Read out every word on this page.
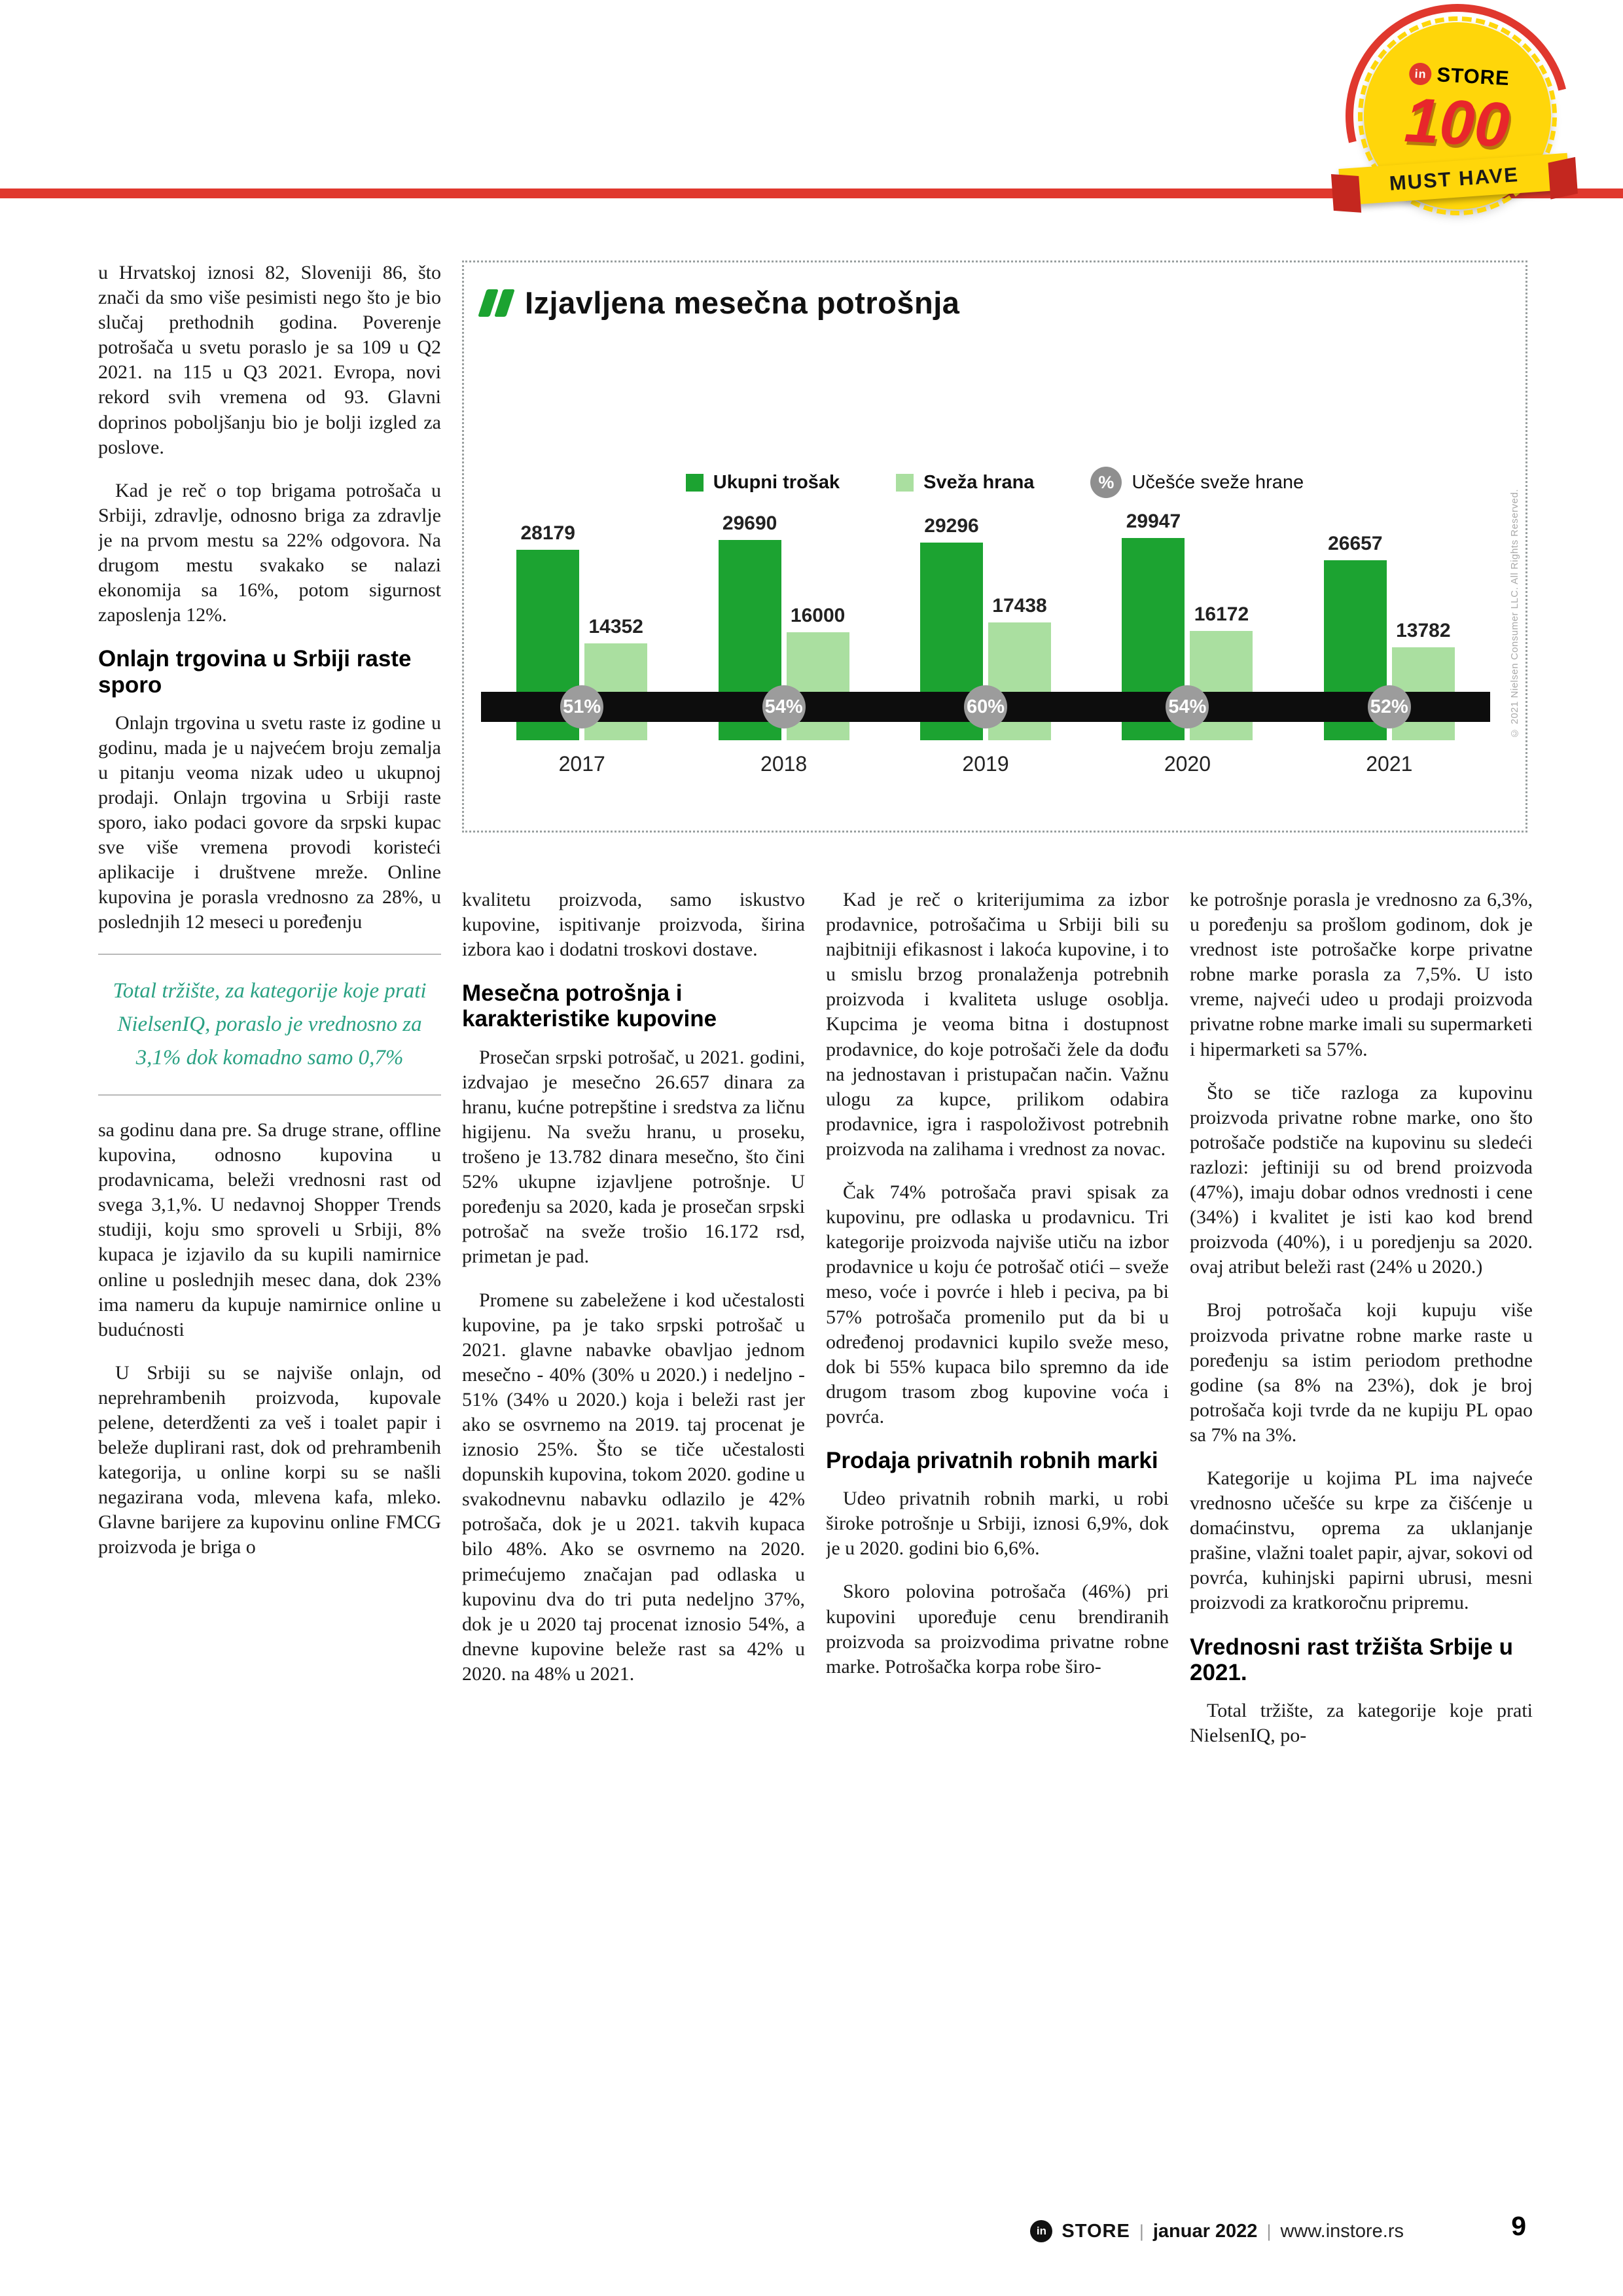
in STORE
100
MUST HAVE
Izjavljena mesečna potrošnja
Ukupni trošak	Sveža hrana	% Učešće sveže hrane
28179
14352
51%
29690
16000
54%
29296
17438
60%
29947
16172
54%
26657
13782
52%
2017	2018	2019	2020	2021
© 2021 Nielsen Consumer LLC. All Rights Reserved.

u Hrvatskoj iznosi 82, Sloveniji 86, što znači da smo više pesimisti nego što je bio slučaj prethodnih godina. Poverenje potrošača u svetu poraslo je sa 109 u Q2 2021. na 115 u Q3 2021. Evropa, novi rekord svih vremena od 93. Glavni doprinos poboljšanju bio je bolji izgled za poslove.

Kad je reč o top brigama potrošača u Srbiji, zdravlje, odnosno briga za zdravlje je na prvom mestu sa 22% odgovora. Na drugom mestu svakako se nalazi ekonomija sa 16%, potom sigurnost zaposlenja 12%.

Onlajn trgovina u Srbiji raste sporo

Onlajn trgovina u svetu raste iz godine u godinu, mada je u najvećem broju zemalja u pitanju veoma nizak udeo u ukupnoj prodaji. Onlajn trgovina u Srbiji raste sporo, iako podaci govore da srpski kupac sve više vremena provodi koristeći aplikacije i društvene mreže. Online kupovina je porasla vrednosno za 28%, u poslednjih 12 meseci u poređenju

Total tržište, za kategorije koje prati NielsenIQ, poraslo je vrednosno za 3,1% dok komadno samo 0,7%

sa godinu dana pre. Sa druge strane, offline kupovina, odnosno kupovina u prodavnicama, beleži vrednosni rast od svega 3,1,%. U nedavnoj Shopper Trends studiji, koju smo sproveli u Srbiji, 8% kupaca je izjavilo da su kupili namirnice online u poslednjih mesec dana, dok 23% ima nameru da kupuje namirnice online u budućnosti

U Srbiji su se najviše onlajn, od neprehrambenih proizvoda, kupovale pelene, deterdženti za veš i toalet papir i beleže duplirani rast, dok od prehrambenih kategorija, u online korpi su se našli negazirana voda, mlevena kafa, mleko. Glavne barijere za kupovinu online FMCG proizvoda je briga o

kvalitetu proizvoda, samo iskustvo kupovine, ispitivanje proizvoda, širina izbora kao i dodatni troskovi dostave.

Mesečna potrošnja i karakteristike kupovine

Prosečan srpski potrošač, u 2021. godini, izdvajao je mesečno 26.657 dinara za hranu, kućne potrepštine i sredstva za ličnu higijenu. Na svežu hranu, u proseku, trošeno je 13.782 dinara mesečno, što čini 52% ukupne izjavljene potrošnje. U poređenju sa 2020, kada je prosečan srpski potrošač na sveže trošio 16.172 rsd, primetan je pad.

Promene su zabeležene i kod učestalosti kupovine, pa je tako srpski potrošač u 2021. glavne nabavke obavljao jednom mesečno - 40% (30% u 2020.) i nedeljno - 51% (34% u 2020.) koja i beleži rast jer ako se osvrnemo na 2019. taj procenat je iznosio 25%. Što se tiče učestalosti dopunskih kupovina, tokom 2020. godine u svakodnevnu nabavku odlazilo je 42% potrošača, dok je u 2021. takvih kupaca bilo 48%. Ako se osvrnemo na 2020. primećujemo značajan pad odlaska u kupovinu dva do tri puta nedeljno 37%, dok je u 2020 taj procenat iznosio 54%, a dnevne kupovine beleže rast sa 42% u 2020. na 48% u 2021.

Kad je reč o kriterijumima za izbor prodavnice, potrošačima u Srbiji bili su najbitniji efikasnost i lakoća kupovine, i to u smislu brzog pronalaženja potrebnih proizvoda i kvaliteta usluge osoblja. Kupcima je veoma bitna i dostupnost prodavnice, do koje potrošači žele da dođu na jednostavan i pristupačan način. Važnu ulogu za kupce, prilikom odabira prodavnice, igra i raspoloživost potrebnih proizvoda na zalihama i vrednost za novac.

Čak 74% potrošača pravi spisak za kupovinu, pre odlaska u prodavnicu. Tri kategorije proizvoda najviše utiču na izbor prodavnice u koju će potrošač otići – sveže meso, voće i povrće i hleb i peciva, pa bi 57% potrošača promenilo put da bi u određenoj prodavnici kupilo sveže meso, dok bi 55% kupaca bilo spremno da ide drugom trasom zbog kupovine voća i povrća.

Prodaja privatnih robnih marki

Udeo privatnih robnih marki, u robi široke potrošnje u Srbiji, iznosi 6,9%, dok je u 2020. godini bio 6,6%.

Skoro polovina potrošača (46%) pri kupovini upoređuje cenu brendiranih proizvoda sa proizvodima privatne robne marke. Potrošačka korpa robe širo-

ke potrošnje porasla je vrednosno za 6,3%, u poređenju sa prošlom godinom, dok je vrednost iste potrošačke korpe privatne robne marke porasla za 7,5%. U isto vreme, najveći udeo u prodaji proizvoda privatne robne marke imali su supermarketi i hipermarketi sa 57%.

Što se tiče razloga za kupovinu proizvoda privatne robne marke, ono što potrošače podstiče na kupovinu su sledeći razlozi: jeftiniji su od brend proizvoda (47%), imaju dobar odnos vrednosti i cene (34%) i kvalitet je isti kao kod brend proizvoda (40%), i u poredjenju sa 2020. ovaj atribut beleži rast (24% u 2020.)

Broj potrošača koji kupuju više proizvoda privatne robne marke raste u poređenju sa istim periodom prethodne godine (sa 8% na 23%), dok je broj potrošača koji tvrde da ne kupiju PL opao sa 7% na 3%.

Kategorije u kojima PL ima najveće vrednosno učešće su krpe za čišćenje u domaćinstvu, oprema za uklanjanje prašine, vlažni toalet papir, ajvar, sokovi od povrća, kuhinjski papirni ubrusi, mesni proizvodi za kratkoročnu pripremu.

Vrednosni rast tržišta Srbije u 2021.

Total tržište, za kategorije koje prati NielsenIQ, po-

in STORE | januar 2022 | www.instore.rs	9
